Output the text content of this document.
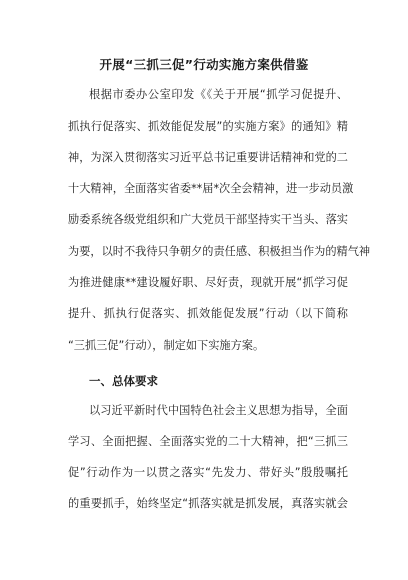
开展“三抓三促”行动实施方案供借鉴
根据市委办公室印发《《关于开展“抓学习促提升、
抓执行促落实、抓效能促发展”的实施方案》的通知》精
神，为深入贯彻落实习近平总书记重要讲话精神和党的二
十大精神，全面落实省委**届*次全会精神，进一步动员激
励委系统各级党组织和广大党员干部坚持实干当头、落实
为要，以时不我待只争朝夕的责任感、积极担当作为的精气神
为推进健康**建设履好职、尽好责，现就开展“抓学习促
提升、抓执行促落实、抓效能促发展”行动（以下简称
“三抓三促”行动），制定如下实施方案。
一、总体要求
以习近平新时代中国特色社会主义思想为指导，全面
学习、全面把握、全面落实党的二十大精神，把“三抓三
促”行动作为一以贯之落实“先发力、带好头”殷殷嘱托
的重要抓手，始终坚定“抓落实就是抓发展，真落实就会
